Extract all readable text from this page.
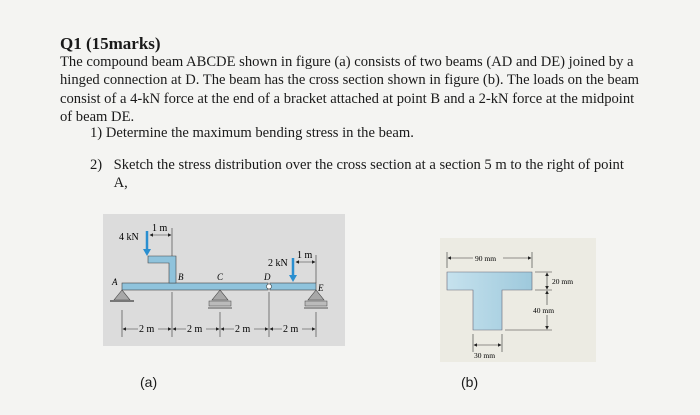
Q1 (15marks)
The compound beam ABCDE shown in figure (a) consists of two beams (AD and DE) joined by a hinged connection at D. The beam has the cross section shown in figure (b). The loads on the beam consist of a 4-kN force at the end of a bracket attached at point B and a 2-kN force at the midpoint of beam DE.
1) Determine the maximum bending stress in the beam.
2) Sketch the stress distribution over the cross section at a section 5 m to the right of point A,
4 kN
1 m
2 kN
1 m
A	B	C	D
E
2 m	2 m	2 m	2 m
90 mm
20 mm
40 mm
30 mm
(a)	(b)
